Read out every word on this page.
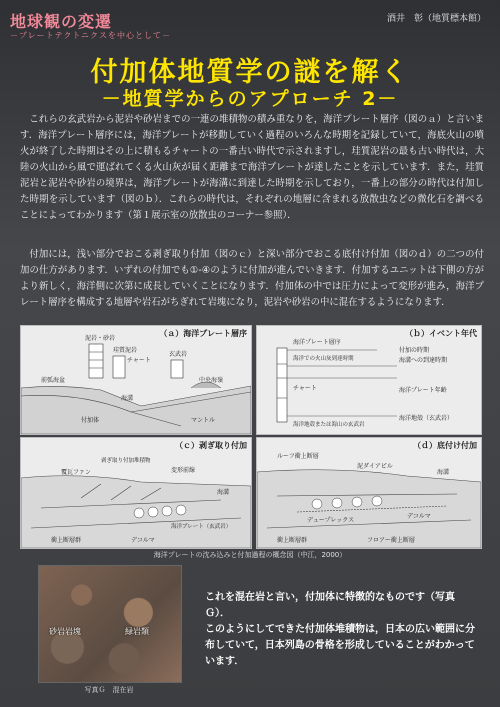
地球観の変遷
－プレートテクトニクスを中心として－
酒井　彰（地質標本館）
付加体地質学の謎を解く
－地質学からのアプローチ 2－

これらの玄武岩から泥岩や砂岩までの一連の堆積物の積み重なりを，海洋プレート層序（図のａ）と言います．海洋プレート層序には，海洋プレートが移動していく過程のいろんな時期を記録していて，海底火山の噴火が終了した時期はその上に積もるチャートの一番古い時代で示されますし，珪質泥岩の最も古い時代は，大陸の火山から風で運ばれてくる火山灰が届く距離まで海洋プレートが達したことを示しています．また，珪質泥岩と泥岩や砂岩の境界は，海洋プレートが海溝に到達した時期を示しており，一番上の部分の時代は付加した時期を示しています（図のｂ）．これらの時代は，それぞれの地層に含まれる放散虫などの微化石を調べることによってわかります（第１展示室の放散虫のコーナー参照）．

付加には，浅い部分でおこる剥ぎ取り付加（図のｃ）と深い部分でおこる底付け付加（図のｄ）の二つの付加の仕方があります．いずれの付加でも①-④のように付加が進んでいきます．付加するユニットは下側の方がより新しく，海洋側に次第に成長していくことになります．付加体の中では圧力によって変形が進み，海洋プレート層序を構成する地層や岩石がちぎれて岩塊になり，泥岩や砂岩の中に混在するようになります．

（ａ）海洋プレート層序
泥岩・砂岩
珪質泥岩
チャート
玄武岩
前弧海盆
海溝
中央海嶺
付加体	マントル
（ｂ）イベント年代
海洋プレート層序
付加の時期
海溝への到達時期
海洋での火山灰到達時期
チャート	海洋プレート年齢
海洋地殻または海山の玄武岩
海洋地殻（玄武岩）
（ｃ）剥ぎ取り付加
覆瓦ファン
剥ぎ取り付加堆積物
変形前線
海溝
海洋プレート（玄武岩）
デコルマ
衝上断層群
（ｄ）底付け付加
ルーフ衝上断層
泥ダイアピル
海溝
デュープレックス
デコルマ
フロアー衝上断層
衝上断層群
海洋プレートの沈み込みと付加過程の概念図（中江，2000）
砂岩岩塊	緑岩類
写真Ｇ　混在岩

これを混在岩と言い，付加体に特徴的なものです（写真Ｇ）．

このようにしてできた付加体堆積物は，日本の広い範囲に分布していて，日本列島の骨格を形成していることがわかっています．
